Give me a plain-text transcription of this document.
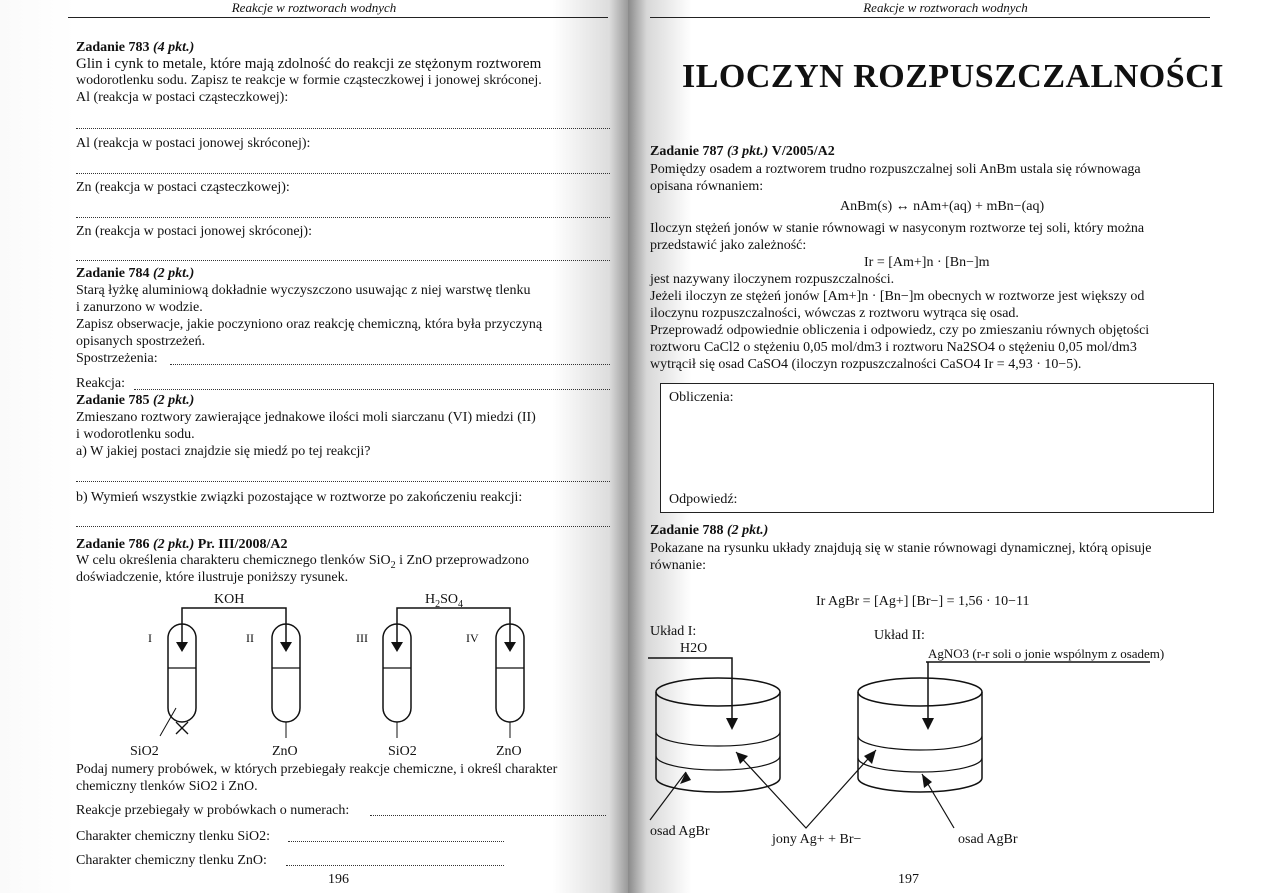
Reakcje w roztworach wodnych
Zadanie 783 (4 pkt.)
Glin i cynk to metale, które mają zdolność do reakcji ze stężonym roztworem
wodorotlenku sodu. Zapisz te reakcje w formie cząsteczkowej i jonowej skróconej.
Al (reakcja w postaci cząsteczkowej):
Al (reakcja w postaci jonowej skróconej):
Zn (reakcja w postaci cząsteczkowej):
Zn (reakcja w postaci jonowej skróconej):
Zadanie 784 (2 pkt.)
Starą łyżkę aluminiową dokładnie wyczyszczono usuwając z niej warstwę tlenku
i zanurzono w wodzie.
Zapisz obserwacje, jakie poczyniono oraz reakcję chemiczną, która była przyczyną
opisanych spostrzeżeń.
Spostrzeżenia:
Reakcja:
Zadanie 785 (2 pkt.)
Zmieszano roztwory zawierające jednakowe ilości moli siarczanu (VI) miedzi (II)
i wodorotlenku sodu.
a) W jakiej postaci znajdzie się miedź po tej reakcji?
b) Wymień wszystkie związki pozostające w roztworze po zakończeniu reakcji:
Zadanie 786 (2 pkt.) Pr. III/2008/A2
W celu określenia charakteru chemicznego tlenków SiO$_2$ i ZnO przeprowadzono
doświadczenie, które ilustruje poniższy rysunek.
KOH	$H_2SO_4$
I	II	III	IV
SiO2	ZnO	SiO2	ZnO
Podaj numery probówek, w których przebiegały reakcje chemiczne, i określ charakter
chemiczny tlenków SiO2 i ZnO.
Reakcje przebiegały w probówkach o numerach:
Charakter chemiczny tlenku SiO2:
Charakter chemiczny tlenku ZnO:
196
Reakcje w roztworach wodnych
ILOCZYN ROZPUSZCZALNOŚCI
Zadanie 787 (3 pkt.) V/2005/A2
Pomiędzy osadem a roztworem trudno rozpuszczalnej soli AnBm ustala się równowaga
opisana równaniem:
AnBm(s) ↔ nAm+(aq) + mBn−(aq)
Iloczyn stężeń jonów w stanie równowagi w nasyconym roztworze tej soli, który można
przedstawić jako zależność:
Ir = [Am+]n · [Bn−]m
jest nazywany iloczynem rozpuszczalności.
Jeżeli iloczyn ze stężeń jonów [Am+]n · [Bn−]m obecnych w roztworze jest większy od
iloczynu rozpuszczalności, wówczas z roztworu wytrąca się osad.
Przeprowadź odpowiednie obliczenia i odpowiedz, czy po zmieszaniu równych objętości
roztworu CaCl2 o stężeniu 0,05 mol/dm3 i roztworu Na2SO4 o stężeniu 0,05 mol/dm3
wytrącił się osad CaSO4 (iloczyn rozpuszczalności CaSO4 Ir = 4,93 · 10−5).
Obliczenia:
Odpowiedź:
Zadanie 788 (2 pkt.)
Pokazane na rysunku układy znajdują się w stanie równowagi dynamicznej, którą opisuje
równanie:
Ir AgBr = [Ag+] [Br−] = 1,56 · 10−11
Układ I:
H2O
Układ II:
AgNO3 (r-r soli o jonie wspólnym z osadem)
osad AgBr
jony Ag+ + Br−	osad AgBr
197
